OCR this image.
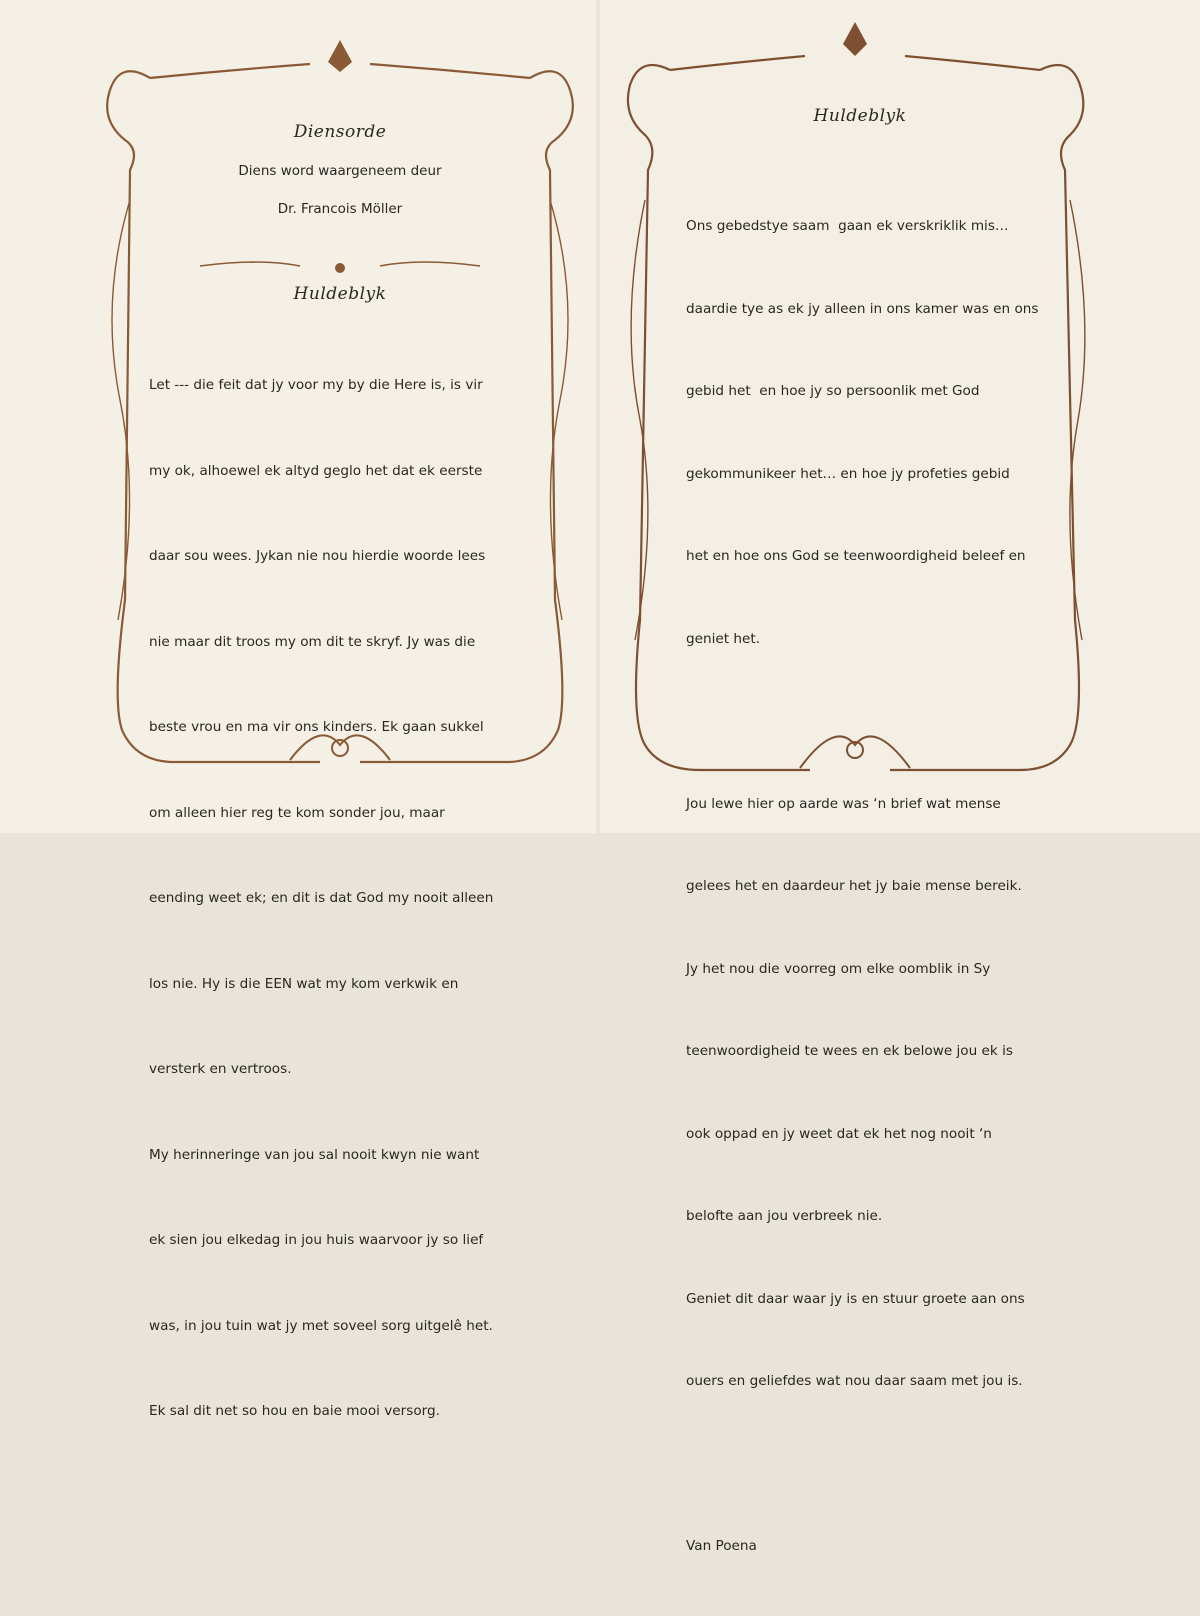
Diensorde
Diens word waargeneem deur
Dr. Francois Möller
Huldeblyk

Let --- die feit dat jy voor my by die Here is, is vir

my ok, alhoewel ek altyd geglo het dat ek eerste

daar sou wees. Jykan nie nou hierdie woorde lees

nie maar dit troos my om dit te skryf. Jy was die

beste vrou en ma vir ons kinders. Ek gaan sukkel

om alleen hier reg te kom sonder jou, maar

eending weet ek; en dit is dat God my nooit alleen

los nie. Hy is die EEN wat my kom verkwik en

versterk en vertroos.

My herinneringe van jou sal nooit kwyn nie want

ek sien jou elkedag in jou huis waarvoor jy so lief

was, in jou tuin wat jy met soveel sorg uitgelê het.

Ek sal dit net so hou en baie mooi versorg.

Huldeblyk

Ons gebedstye saam  gaan ek verskriklik mis…

daardie tye as ek jy alleen in ons kamer was en ons

gebid het  en hoe jy so persoonlik met God

gekommunikeer het… en hoe jy profeties gebid

het en hoe ons God se teenwoordigheid beleef en

geniet het.

Jou lewe hier op aarde was ‘n brief wat mense

gelees het en daardeur het jy baie mense bereik.

Jy het nou die voorreg om elke oomblik in Sy

teenwoordigheid te wees en ek belowe jou ek is

ook oppad en jy weet dat ek het nog nooit ‘n

belofte aan jou verbreek nie.

Geniet dit daar waar jy is en stuur groete aan ons

ouers en geliefdes wat nou daar saam met jou is.

Van Poena
